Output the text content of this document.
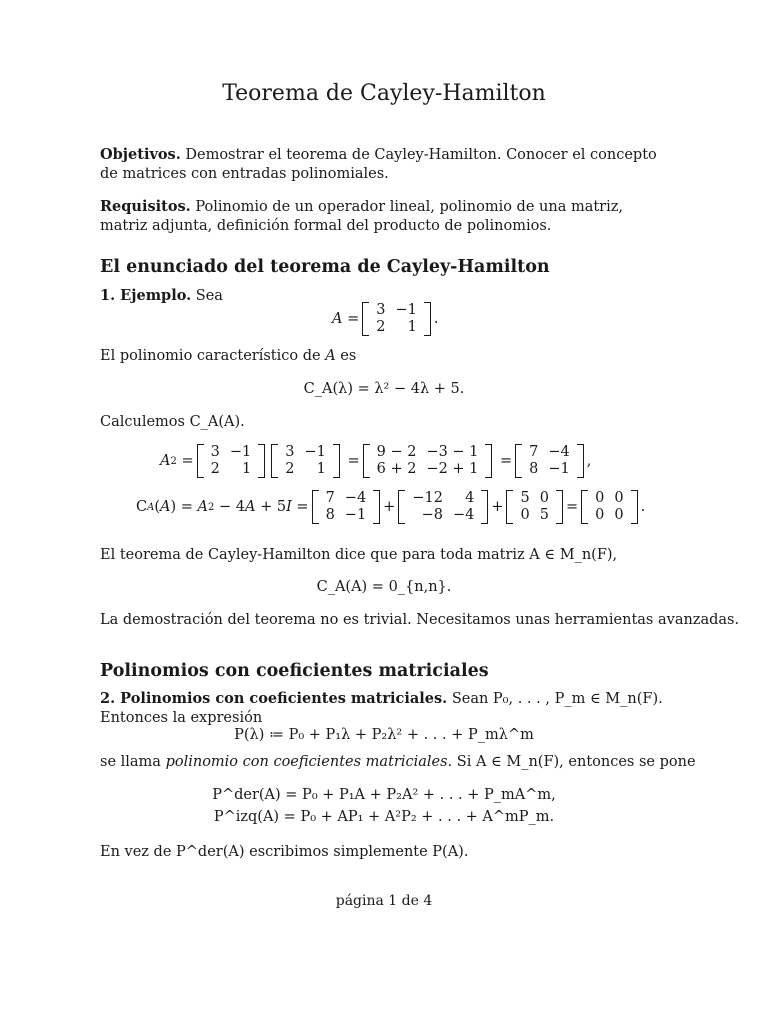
Teorema de Cayley-Hamilton
Objetivos. Demostrar el teorema de Cayley-Hamilton. Conocer el concepto de matrices con entradas polinomiales.
Requisitos. Polinomio de un operador lineal, polinomio de una matriz, matriz adjunta, definición formal del producto de polinomios.
El enunciado del teorema de Cayley-Hamilton
1. Ejemplo. Sea
A =
3	−1
2	1
.
El polinomio característico de A es
C_A(λ) = λ² − 4λ + 5.
Calculemos C_A(A).
A 2 =
3	−1
2	1
3	−1
2	1
=
9 − 2	−3 − 1
6 + 2	−2 + 1
=
7	−4
8	−1
,
C A ( A ) = A 2 − 4 A + 5 I =
7	−4
8	−1
+
−12	4
−8	−4
+
5	0
0	5
=
0	0
0	0
.
El teorema de Cayley-Hamilton dice que para toda matriz A ∈ M_n(F),
C_A(A) = 0_{n,n}.
La demostración del teorema no es trivial. Necesitamos unas herramientas avanzadas.
Polinomios con coeficientes matriciales
2. Polinomios con coeficientes matriciales. Sean P₀, . . . , P_m ∈ M_n(F). Entonces la expresión
P(λ) ≔ P₀ + P₁λ + P₂λ² + . . . + P_mλ^m
se llama polinomio con coeficientes matriciales. Si A ∈ M_n(F), entonces se pone
P^der(A) = P₀ + P₁A + P₂A² + . . . + P_mA^m,
P^izq(A) = P₀ + AP₁ + A²P₂ + . . . + A^mP_m.
En vez de P^der(A) escribimos simplemente P(A).
página 1 de 4
